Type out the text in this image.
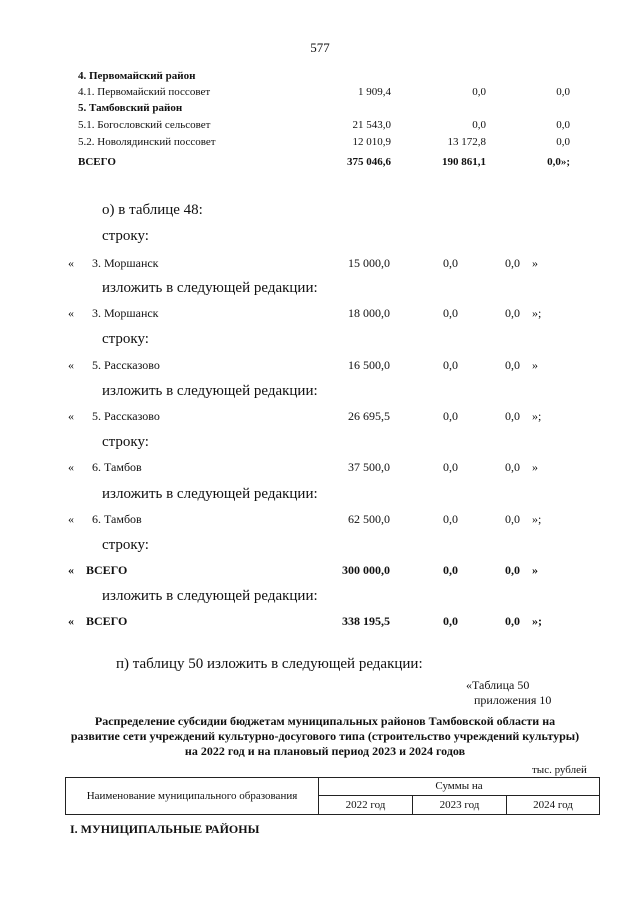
577
4. Первомайский район
4.1. Первомайский поссовет	1 909,4	0,0	0,0
5. Тамбовский район
5.1. Богословский сельсовет	21 543,0	0,0	0,0
5.2. Новолядинский поссовет	12 010,9	13 172,8	0,0
ВСЕГО	375 046,6	190 861,1	0,0»;
о) в таблице 48:
строку:
« 3. Моршанск	15 000,0	0,0	0,0 »
изложить в следующей редакции:
« 3. Моршанск	18 000,0	0,0	0,0 »;
строку:
« 5. Рассказово	16 500,0	0,0	0,0 »
изложить в следующей редакции:
« 5. Рассказово	26 695,5	0,0	0,0 »;
строку:
« 6. Тамбов	37 500,0	0,0	0,0 »
изложить в следующей редакции:
« 6. Тамбов	62 500,0	0,0	0,0 »;
строку:
« ВСЕГО	300 000,0	0,0	0,0 »
изложить в следующей редакции:
« ВСЕГО	338 195,5	0,0	0,0 »;
п) таблицу 50 изложить в следующей редакции:
«Таблица 50
приложения 10
Распределение субсидии бюджетам муниципальных районов Тамбовской области на развитие сети учреждений культурно-досугового типа (строительство учреждений культуры) на 2022 год и на плановый период 2023 и 2024 годов
тыс. рублей
Наименование муниципального образования
Суммы на
2022 год	2023 год	2024 год
I. МУНИЦИПАЛЬНЫЕ РАЙОНЫ
